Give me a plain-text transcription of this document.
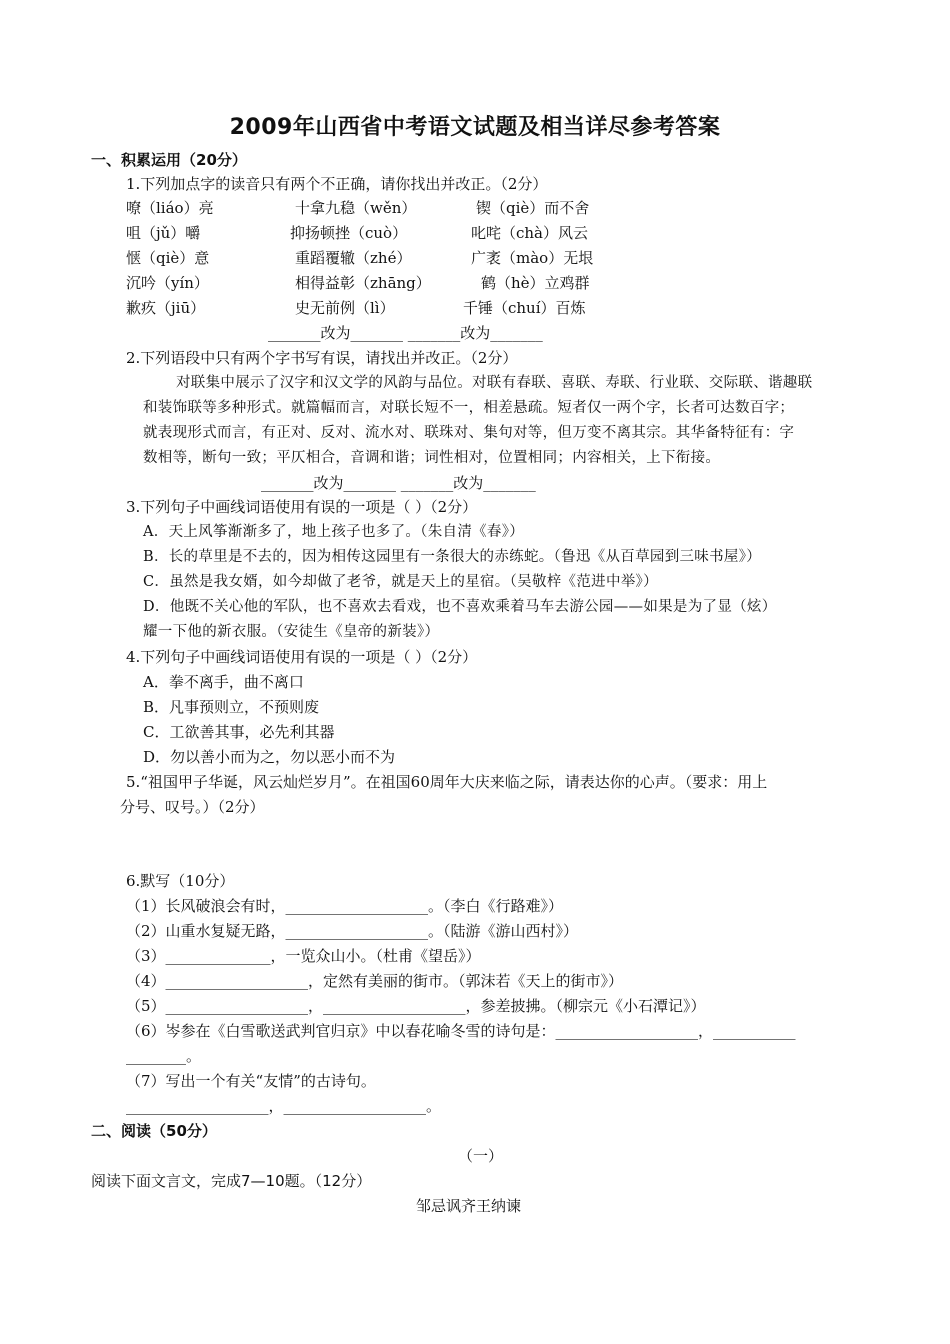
2009年山西省中考语文试题及相当详尽参考答案
一、积累运用（20分）
1.下列加点字的读音只有两个不正确，请你找出并改正。（2分）
嘹（liáo）亮	十拿九稳（wěn）	锲（qiè）而不舍
咀（jǔ）嚼	抑扬顿挫（cuò）	叱咤（chà）风云
惬（qiè）意	重蹈覆辙（zhé）	广袤（mào）无垠
沉吟（yín）	相得益彰（zhāng）	鹤（hè）立鸡群
歉疚（jiū）	史无前例（lì）	千锤（chuí）百炼
_______改为_______ _______改为_______
2.下列语段中只有两个字书写有误，请找出并改正。（2分）
对联集中展示了汉字和汉文学的风韵与品位。对联有春联、喜联、寿联、行业联、交际联、谐趣联
和装饰联等多种形式。就篇幅而言，对联长短不一，相差悬疏。短者仅一两个字，长者可达数百字；
就表现形式而言，有正对、反对、流水对、联珠对、集句对等，但万变不离其宗。其华备特征有：字
数相等，断句一致；平仄相合，音调和谐；词性相对，位置相同；内容相关，上下衔接。
_______改为_______ _______改为_______
3.下列句子中画线词语使用有误的一项是（ ）（2分）
A．天上风筝渐渐多了，地上孩子也多了。（朱自清《春》）
B．长的草里是不去的，因为相传这园里有一条很大的赤练蛇。（鲁迅《从百草园到三味书屋》）
C．虽然是我女婿，如今却做了老爷，就是天上的星宿。（吴敬梓《范进中举》）
D．他既不关心他的军队，也不喜欢去看戏，也不喜欢乘着马车去游公园——如果是为了显（炫）
耀一下他的新衣服。（安徒生《皇帝的新装》）
4.下列句子中画线词语使用有误的一项是（ ）（2分）
A．拳不离手，曲不离口
B．凡事预则立，不预则废
C．工欲善其事，必先利其器
D．勿以善小而为之，勿以恶小而不为
5.“祖国甲子华诞，风云灿烂岁月”。在祖国60周年大庆来临之际，请表达你的心声。（要求：用上
分号、叹号。）（2分）
6.默写（10分）
（1）长风破浪会有时，___________________。（李白《行路难》）
（2）山重水复疑无路，___________________。（陆游《游山西村》）
（3）______________，一览众山小。（杜甫《望岳》）
（4）___________________，定然有美丽的街市。（郭沫若《天上的街市》）
（5）___________________，___________________，参差披拂。（柳宗元《小石潭记》）
（6）岑参在《白雪歌送武判官归京》中以春花喻冬雪的诗句是：___________________，___________
________。
（7）写出一个有关“友情”的古诗句。
___________________，___________________。
二、阅读（50分）
（一）
阅读下面文言文，完成7—10题。（12分）
邹忌讽齐王纳谏
